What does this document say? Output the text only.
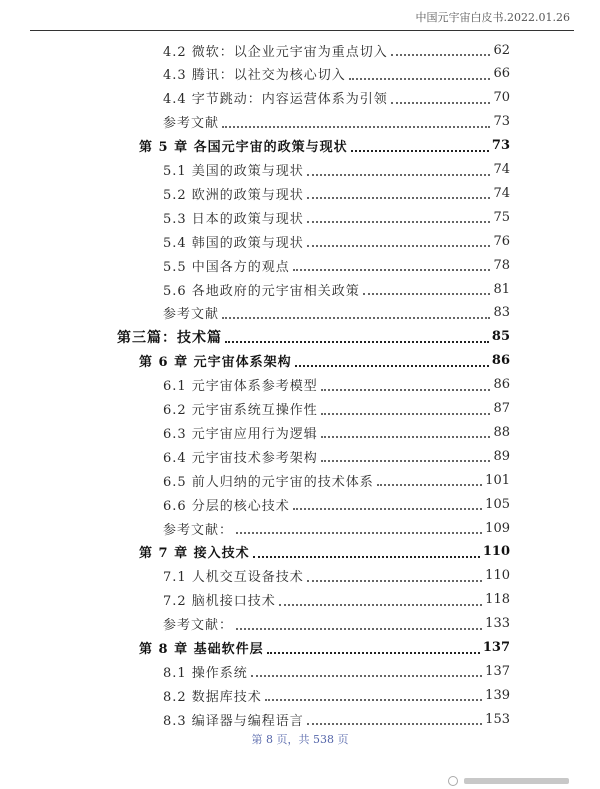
中国元宇宙白皮书.2022.01.26
4.2 微软：以企业元宇宙为重点切入	62
4.3 腾讯：以社交为核心切入	66
4.4 字节跳动：内容运营体系为引领	70
参考文献	73
第 5 章 各国元宇宙的政策与现状	73
5.1 美国的政策与现状	74
5.2 欧洲的政策与现状	74
5.3 日本的政策与现状	75
5.4 韩国的政策与现状	76
5.5 中国各方的观点	78
5.6 各地政府的元宇宙相关政策	81
参考文献	83
第三篇：技术篇	85
第 6 章 元宇宙体系架构	86
6.1 元宇宙体系参考模型	86
6.2 元宇宙系统互操作性	87
6.3 元宇宙应用行为逻辑	88
6.4 元宇宙技术参考架构	89
6.5 前人归纳的元宇宙的技术体系	101
6.6 分层的核心技术	105
参考文献：	109
第 7 章 接入技术	110
7.1 人机交互设备技术	110
7.2 脑机接口技术	118
参考文献：	133
第 8 章 基础软件层	137
8.1 操作系统	137
8.2 数据库技术	139
8.3 编译器与编程语言	153
第 8 页，共 538 页
